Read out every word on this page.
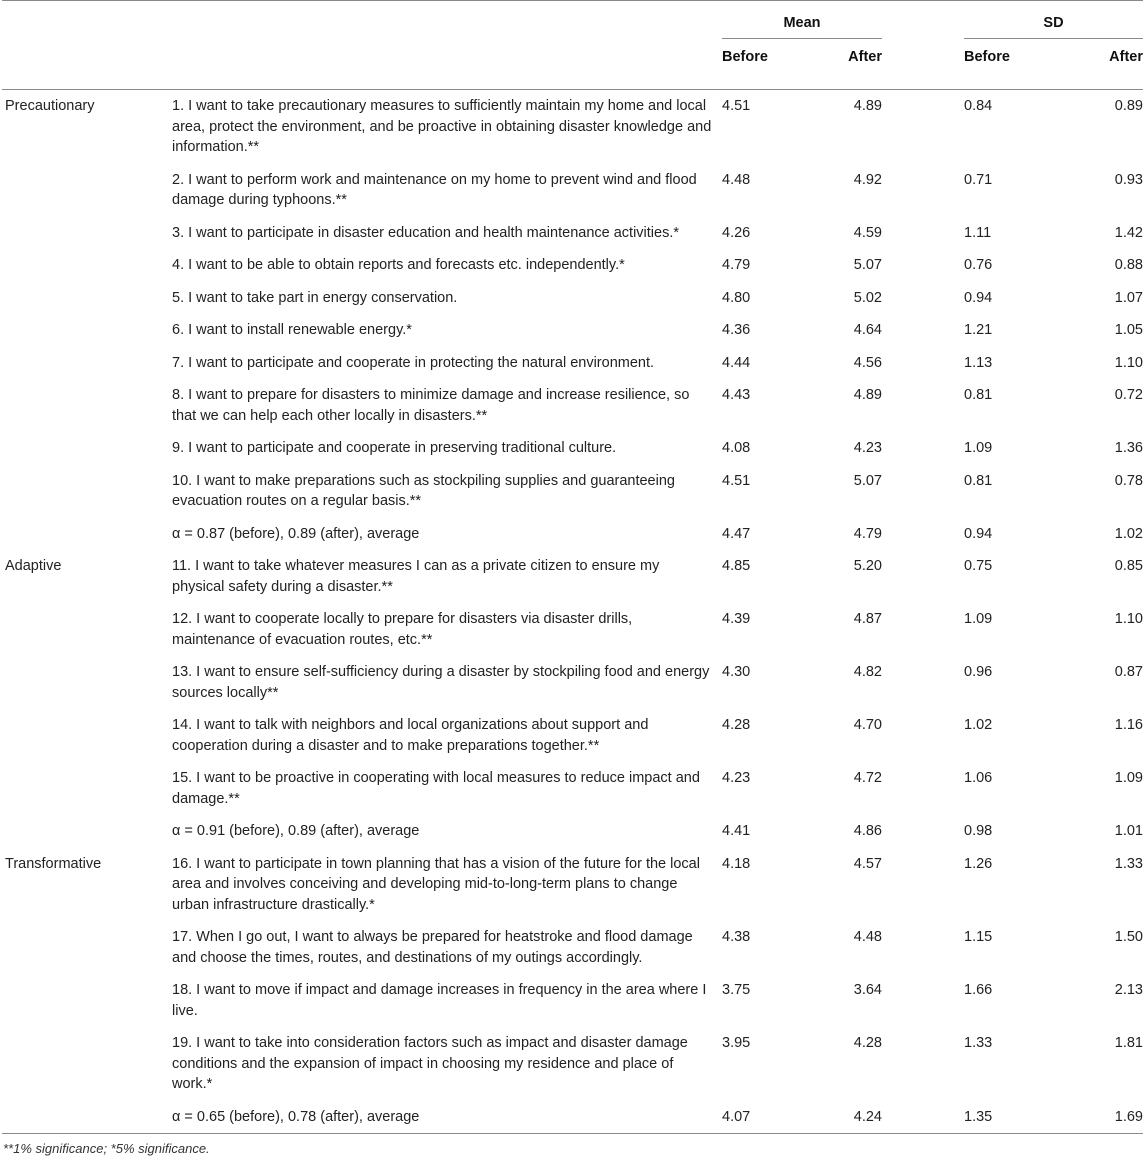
		Mean			SD	

		Before	After		Before	After

Precautionary	1. I want to take precautionary measures to sufficiently maintain my home and local area, protect the environment, and be proactive in obtaining disaster knowledge and information.**	4.51	4.89		0.84	0.89
	2. I want to perform work and maintenance on my home to prevent wind and flood damage during typhoons.**	4.48	4.92		0.71	0.93
	3. I want to participate in disaster education and health maintenance activities.*	4.26	4.59		1.11	1.42
	4. I want to be able to obtain reports and forecasts etc. independently.*	4.79	5.07		0.76	0.88
	5. I want to take part in energy conservation.	4.80	5.02		0.94	1.07
	6. I want to install renewable energy.*	4.36	4.64		1.21	1.05
	7. I want to participate and cooperate in protecting the natural environment.	4.44	4.56		1.13	1.10
	8. I want to prepare for disasters to minimize damage and increase resilience, so that we can help each other locally in disasters.**	4.43	4.89		0.81	0.72
	9. I want to participate and cooperate in preserving traditional culture.	4.08	4.23		1.09	1.36
	10. I want to make preparations such as stockpiling supplies and guaranteeing evacuation routes on a regular basis.**	4.51	5.07		0.81	0.78
	α = 0.87 (before), 0.89 (after), average	4.47	4.79		0.94	1.02
Adaptive	11. I want to take whatever measures I can as a private citizen to ensure my physical safety during a disaster.**	4.85	5.20		0.75	0.85
	12. I want to cooperate locally to prepare for disasters via disaster drills, maintenance of evacuation routes, etc.**	4.39	4.87		1.09	1.10
	13. I want to ensure self-sufficiency during a disaster by stockpiling food and energy sources locally**	4.30	4.82		0.96	0.87
	14. I want to talk with neighbors and local organizations about support and cooperation during a disaster and to make preparations together.**	4.28	4.70		1.02	1.16
	15. I want to be proactive in cooperating with local measures to reduce impact and damage.**	4.23	4.72		1.06	1.09
	α = 0.91 (before), 0.89 (after), average	4.41	4.86		0.98	1.01
Transformative	16. I want to participate in town planning that has a vision of the future for the local area and involves conceiving and developing mid-to-long-term plans to change urban infrastructure drastically.*	4.18	4.57		1.26	1.33
	17. When I go out, I want to always be prepared for heatstroke and flood damage and choose the times, routes, and destinations of my outings accordingly.	4.38	4.48		1.15	1.50
	18. I want to move if impact and damage increases in frequency in the area where I live.	3.75	3.64		1.66	2.13
	19. I want to take into consideration factors such as impact and disaster damage conditions and the expansion of impact in choosing my residence and place of work.*	3.95	4.28		1.33	1.81
	α = 0.65 (before), 0.78 (after), average	4.07	4.24		1.35	1.69

**1% significance; *5% significance.
